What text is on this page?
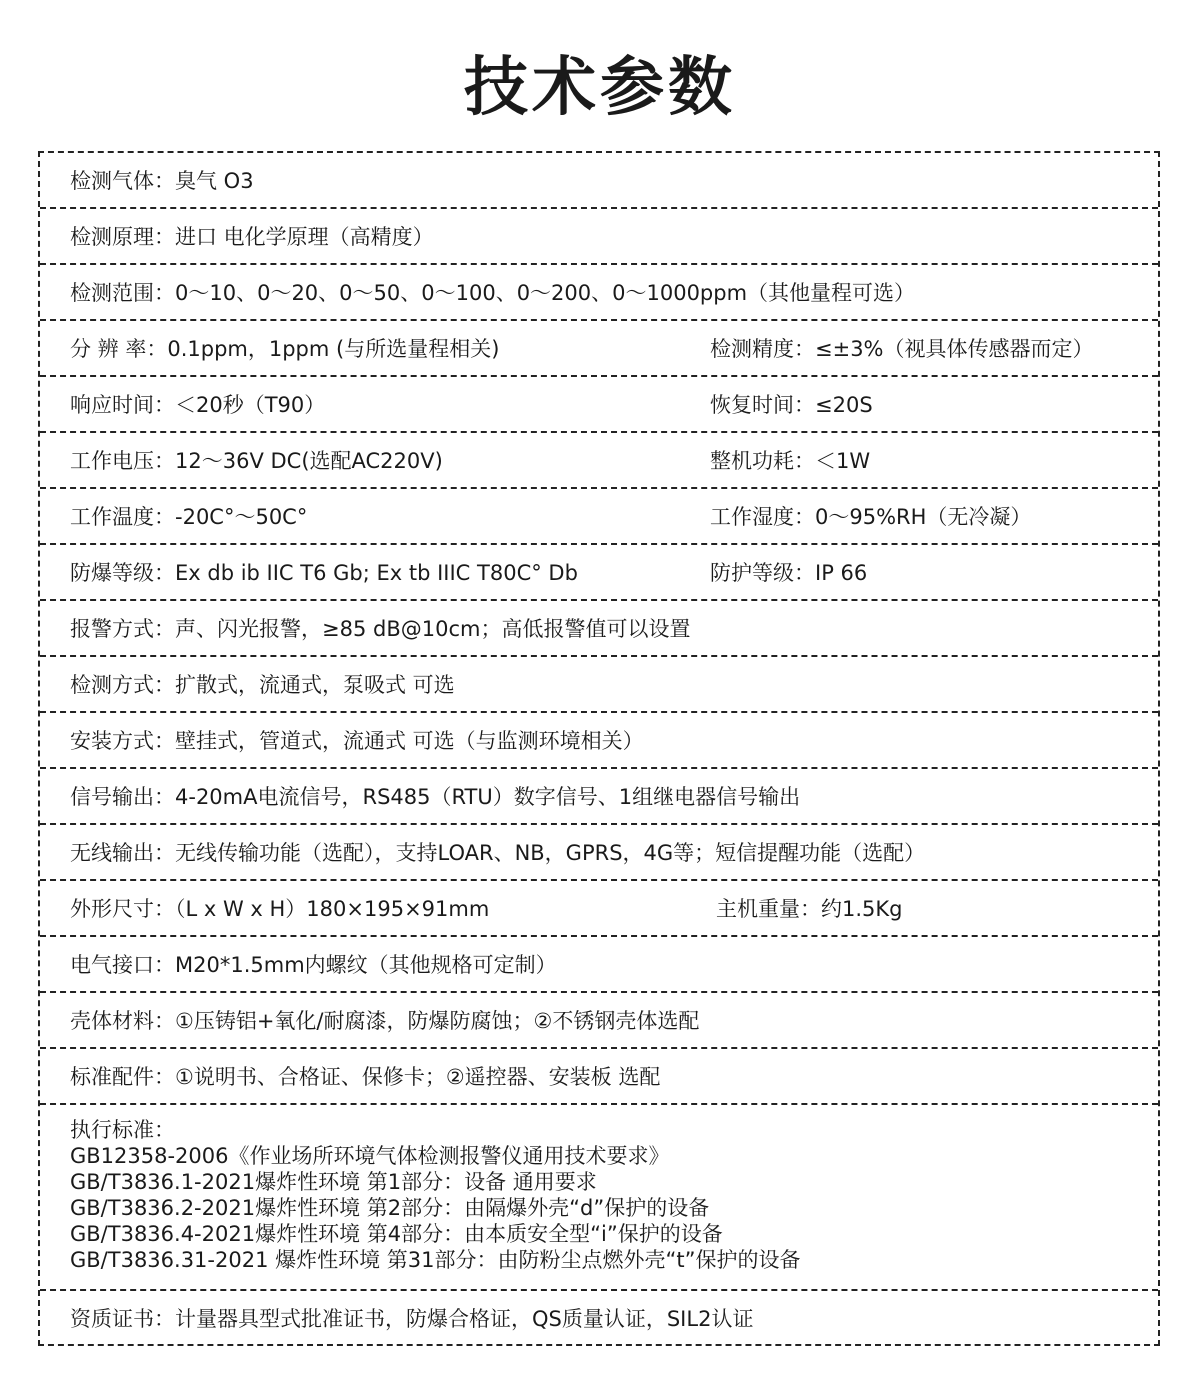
技术参数
检测气体：臭气 O3
检测原理：进口 电化学原理（高精度）
检测范围：0～10、0～20、0～50、0～100、0～200、0～1000ppm（其他量程可选）
分 辨 率：0.1ppm，1ppm (与所选量程相关)	检测精度：≤±3%（视具体传感器而定）
响应时间：＜20秒（T90）	恢复时间：≤20S
工作电压：12～36V DC(选配AC220V)	整机功耗：＜1W
工作温度：-20C°～50C°	工作湿度：0～95%RH（无冷凝）
防爆等级：Ex db ib IIC T6 Gb; Ex tb IIIC T80C° Db	防护等级：IP 66
报警方式：声、闪光报警，≥85 dB@10cm；高低报警值可以设置
检测方式：扩散式，流通式，泵吸式 可选
安装方式：壁挂式，管道式，流通式 可选（与监测环境相关）
信号输出：4-20mA电流信号，RS485（RTU）数字信号、1组继电器信号输出
无线输出：无线传输功能（选配），支持LOAR、NB，GPRS，4G等；短信提醒功能（选配）
外形尺寸：（L x W x H）180×195×91mm	主机重量：约1.5Kg
电气接口：M20*1.5mm内螺纹（其他规格可定制）
壳体材料：①压铸铝+氧化/耐腐漆，防爆防腐蚀；②不锈钢壳体选配
标准配件：①说明书、合格证、保修卡；②遥控器、安装板 选配
执行标准：
GB12358-2006《作业场所环境气体检测报警仪通用技术要求》
GB/T3836.1-2021爆炸性环境 第1部分：设备 通用要求
GB/T3836.2-2021爆炸性环境 第2部分：由隔爆外壳“d”保护的设备
GB/T3836.4-2021爆炸性环境 第4部分：由本质安全型“i”保护的设备
GB/T3836.31-2021 爆炸性环境 第31部分：由防粉尘点燃外壳“t”保护的设备
资质证书：计量器具型式批准证书，防爆合格证，QS质量认证，SIL2认证
